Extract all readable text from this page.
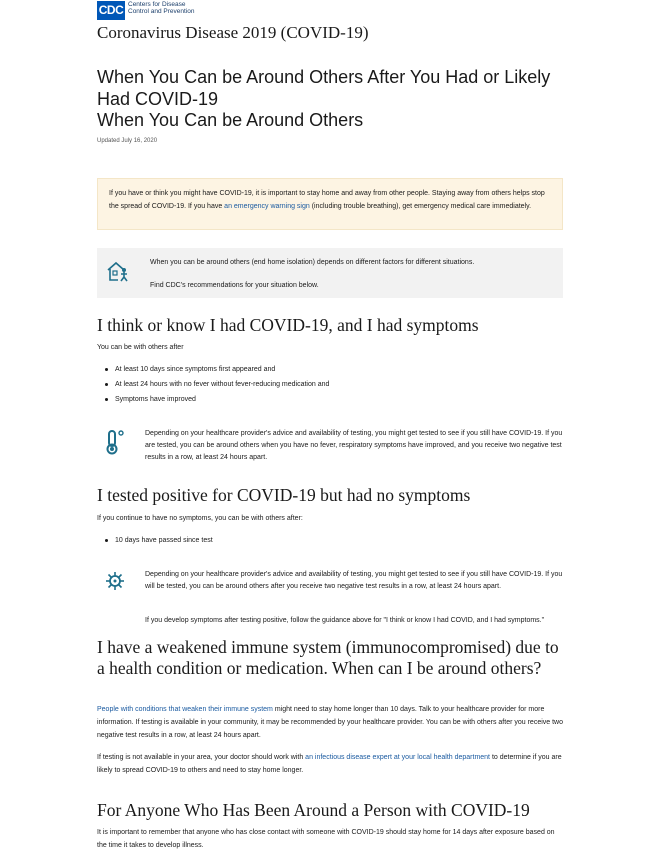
CDC Centers for Disease
Control and Prevention
Coronavirus Disease 2019 (COVID-19)
When You Can be Around Others After You Had or Likely
Had COVID-19
When You Can be Around Others
Updated July 16, 2020
If you have or think you might have COVID-19, it is important to stay home and away from other people. Staying away from others helps stop the spread of COVID-19. If you have an emergency warning sign (including trouble breathing), get emergency medical care immediately.
When you can be around others (end home isolation) depends on different factors for different situations.
Find CDC's recommendations for your situation below.
I think or know I had COVID-19, and I had symptoms
You can be with others after
At least 10 days since symptoms first appeared and
At least 24 hours with no fever without fever-reducing medication and
Symptoms have improved
Depending on your healthcare provider's advice and availability of testing, you might get tested to see if you still have COVID-19. If you are tested, you can be around others when you have no fever, respiratory symptoms have improved, and you receive two negative test results in a row, at least 24 hours apart.
I tested positive for COVID-19 but had no symptoms
If you continue to have no symptoms, you can be with others after:
10 days have passed since test
Depending on your healthcare provider's advice and availability of testing, you might get tested to see if you still have COVID-19. If you will be tested, you can be around others after you receive two negative test results in a row, at least 24 hours apart.
If you develop symptoms after testing positive, follow the guidance above for "I think or know I had COVID, and I had symptoms."
I have a weakened immune system (immunocompromised) due to a health condition or medication. When can I be around others?
People with conditions that weaken their immune system might need to stay home longer than 10 days. Talk to your healthcare provider for more information. If testing is available in your community, it may be recommended by your healthcare provider. You can be with others after you receive two negative test results in a row, at least 24 hours apart.
If testing is not available in your area, your doctor should work with an infectious disease expert at your local health department to determine if you are likely to spread COVID-19 to others and need to stay home longer.
For Anyone Who Has Been Around a Person with COVID-19
It is important to remember that anyone who has close contact with someone with COVID-19 should stay home for 14 days after exposure based on the time it takes to develop illness.
